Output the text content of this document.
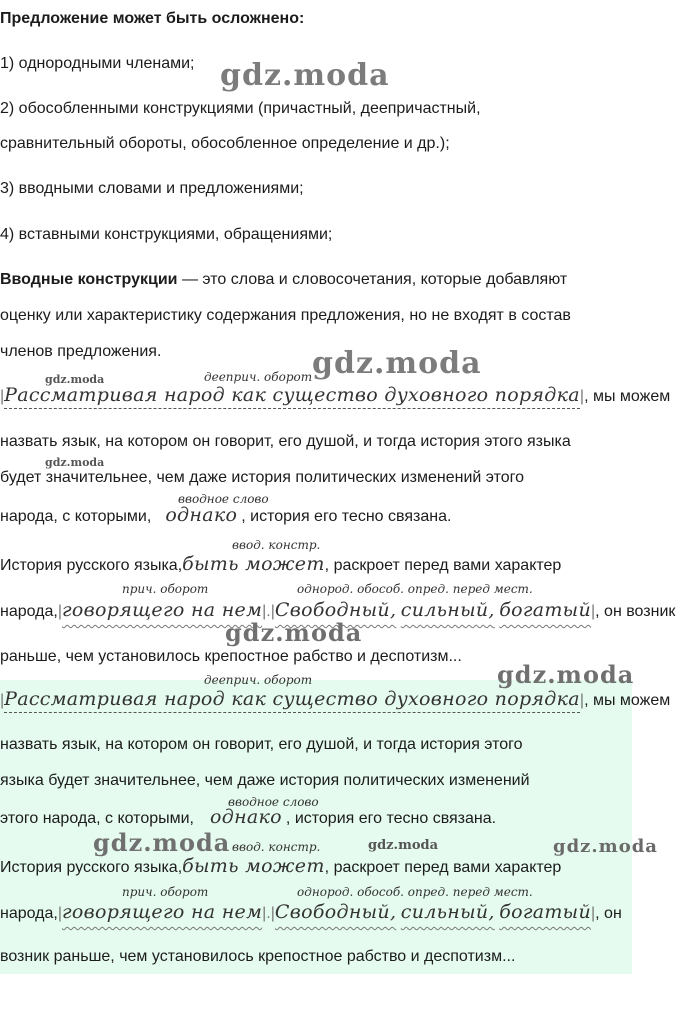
Предложение может быть осложнено:
1) однородными членами;
2) обособленными конструкциями (причастный, деепричастный,
сравнительный обороты, обособленное определение и др.);
3) вводными словами и предложениями;
4) вставными конструкциями, обращениями;
Вводные конструкции — это слова и словосочетания, которые добавляют
оценку или характеристику содержания предложения, но не входят в состав
членов предложения.
дееприч. оборот
|Рассматривая народ как существо духовного порядка|, мы можем
назвать язык, на котором он говорит, его душой, и тогда история этого языка
будет значительнее, чем даже история политических изменений этого
вводное слово
народа, с которыми, однако , история его тесно связана.
ввод. констр.
История русского языка,быть может, раскроет перед вами характер
прич. оборот	однород. обособ. опред. перед мест.
народа,|говорящего на нем|.|Свободный, сильный, богатый|, он возник
раньше, чем установилось крепостное рабство и деспотизм...
дееприч. оборот
|Рассматривая народ как существо духовного порядка|, мы можем
назвать язык, на котором он говорит, его душой, и тогда история этого
языка будет значительнее, чем даже история политических изменений
вводное слово
этого народа, с которыми, однако , история его тесно связана.
ввод. констр.
История русского языка,быть может, раскроет перед вами характер
прич. оборот	однород. обособ. опред. перед мест.
народа,|говорящего на нем|.|Свободный, сильный, богатый|, он
возник раньше, чем установилось крепостное рабство и деспотизм...
gdz.moda
gdz.moda
gdz.moda
gdz.moda
gdz.moda
gdz.moda
gdz.moda	gdz.moda	gdz.moda
